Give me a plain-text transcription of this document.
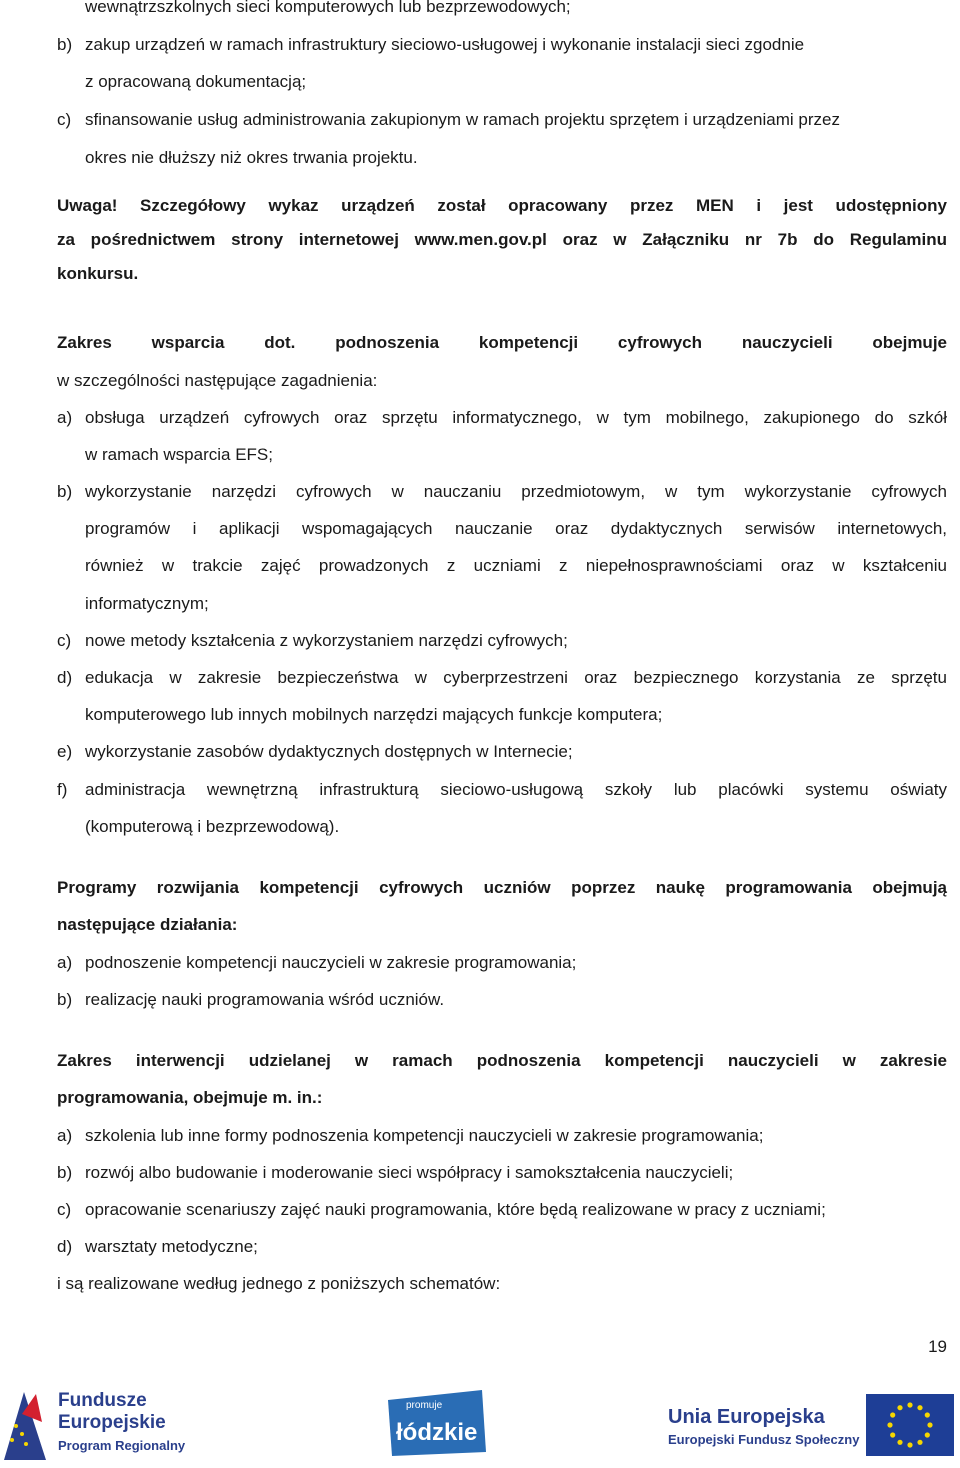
wewnątrzszkolnych sieci komputerowych lub bezprzewodowych;
b) zakup urządzeń w ramach infrastruktury sieciowo-usługowej i wykonanie instalacji sieci zgodnie
z opracowaną dokumentacją;
c) sfinansowanie usług administrowania zakupionym w ramach projektu sprzętem i urządzeniami przez
okres nie dłuższy niż okres trwania projektu.
Uwaga! Szczegółowy wykaz urządzeń został opracowany przez MEN i jest udostępniony
za pośrednictwem strony internetowej www.men.gov.pl oraz w Załączniku nr 7b do Regulaminu
konkursu.
Zakres wsparcia dot. podnoszenia kompetencji cyfrowych nauczycieli obejmuje
w szczególności następujące zagadnienia:
a) obsługa urządzeń cyfrowych oraz sprzętu informatycznego, w tym mobilnego, zakupionego do szkół
w ramach wsparcia EFS;
b) wykorzystanie narzędzi cyfrowych w nauczaniu przedmiotowym, w tym wykorzystanie cyfrowych
programów i aplikacji wspomagających nauczanie oraz dydaktycznych serwisów internetowych,
również w trakcie zajęć prowadzonych z uczniami z niepełnosprawnościami oraz w kształceniu
informatycznym;
c) nowe metody kształcenia z wykorzystaniem narzędzi cyfrowych;
d) edukacja w zakresie bezpieczeństwa w cyberprzestrzeni oraz bezpiecznego korzystania ze sprzętu
komputerowego lub innych mobilnych narzędzi mających funkcje komputera;
e) wykorzystanie zasobów dydaktycznych dostępnych w Internecie;
f) administracja wewnętrzną infrastrukturą sieciowo-usługową szkoły lub placówki systemu oświaty
(komputerową i bezprzewodową).
Programy rozwijania kompetencji cyfrowych uczniów poprzez naukę programowania obejmują
następujące działania:
a) podnoszenie kompetencji nauczycieli w zakresie programowania;
b) realizację nauki programowania wśród uczniów.
Zakres interwencji udzielanej w ramach podnoszenia kompetencji nauczycieli w zakresie
programowania, obejmuje m. in.:
a) szkolenia lub inne formy podnoszenia kompetencji nauczycieli w zakresie programowania;
b) rozwój albo budowanie i moderowanie sieci współpracy i samokształcenia nauczycieli;
c) opracowanie scenariuszy zajęć nauki programowania, które będą realizowane w pracy z uczniami;
d) warsztaty metodyczne;
i są realizowane według jednego z poniższych schematów:
19
Fundusze
Europejskie
Program Regionalny
promuje
łódzkie
Unia Europejska
Europejski Fundusz Społeczny
